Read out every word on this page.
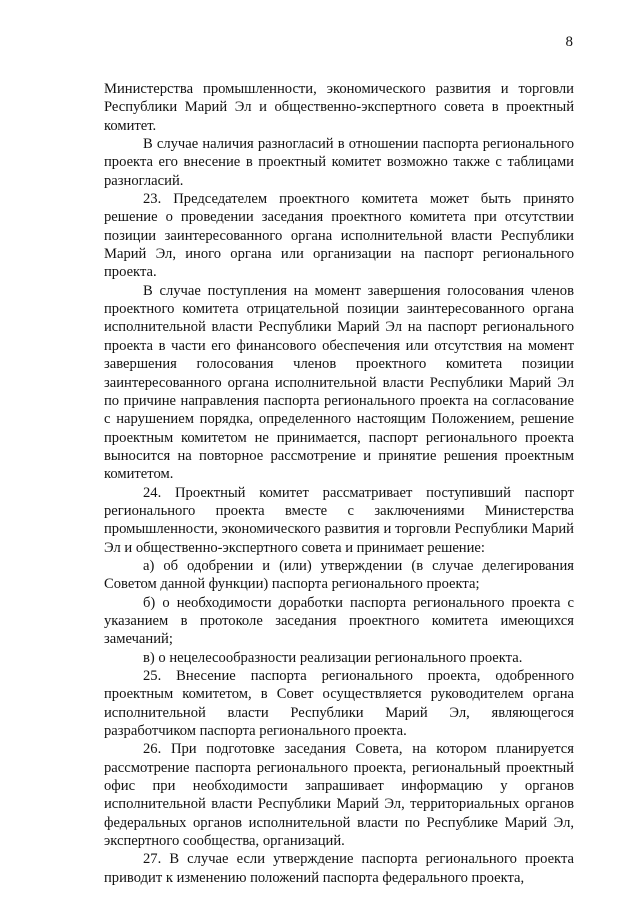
8

Министерства промышленности, экономического развития и торговли Республики Марий Эл и общественно-экспертного совета в проектный комитет.

В случае наличия разногласий в отношении паспорта регионального проекта его внесение в проектный комитет возможно также с таблицами разногласий.

23. Председателем проектного комитета может быть принято решение о проведении заседания проектного комитета при отсутствии позиции заинтересованного органа исполнительной власти Республики Марий Эл, иного органа или организации на паспорт регионального проекта.

В случае поступления на момент завершения голосования членов проектного комитета отрицательной позиции заинтересованного органа исполнительной власти Республики Марий Эл на паспорт регионального проекта в части его финансового обеспечения или отсутствия на момент завершения голосования членов проектного комитета позиции заинтересованного органа исполнительной власти Республики Марий Эл по причине направления паспорта регионального проекта на согласование с нарушением порядка, определенного настоящим Положением, решение проектным комитетом не принимается, паспорт регионального проекта выносится на повторное рассмотрение и принятие решения проектным комитетом.

24. Проектный комитет рассматривает поступивший паспорт регионального проекта вместе с заключениями Министерства промышленности, экономического развития и торговли Республики Марий Эл и общественно-экспертного совета и принимает решение:

а) об одобрении и (или) утверждении (в случае делегирования Советом данной функции) паспорта регионального проекта;

б) о необходимости доработки паспорта регионального проекта с указанием в протоколе заседания проектного комитета имеющихся замечаний;

в) о нецелесообразности реализации регионального проекта.

25. Внесение паспорта регионального проекта, одобренного проектным комитетом, в Совет осуществляется руководителем органа исполнительной власти Республики Марий Эл, являющегося разработчиком паспорта регионального проекта.

26. При подготовке заседания Совета, на котором планируется рассмотрение паспорта регионального проекта, региональный проектный офис при необходимости запрашивает информацию у органов исполнительной власти Республики Марий Эл, территориальных органов федеральных органов исполнительной власти по Республике Марий Эл, экспертного сообщества, организаций.

27. В случае если утверждение паспорта регионального проекта приводит к изменению положений паспорта федерального проекта,
